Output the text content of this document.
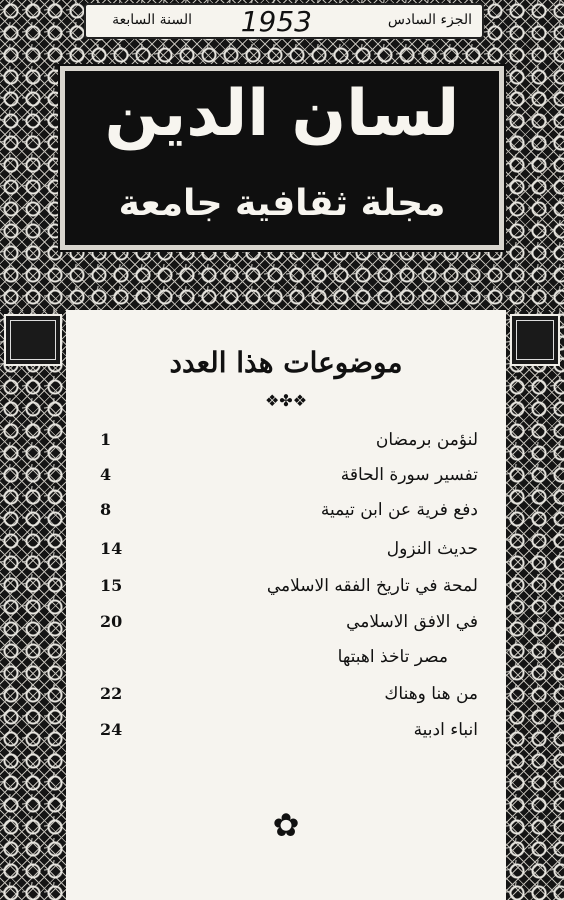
الجزء السادس
1953
السنة السابعة
لسان الدين
مجلة ثقافية جامعة
موضوعات هذا العدد
❖✤❖
لنؤمن برمضان
1
تفسير سورة الحاقة
4
دفع فرية عن ابن تيمية
8
حديث النزول
14
لمحة في تاريخ الفقه الاسلامي
15
في الافق الاسلامي
20
مصر تاخذ اهبتها
من هنا وهناك
22
انباء ادبية
24
✿
